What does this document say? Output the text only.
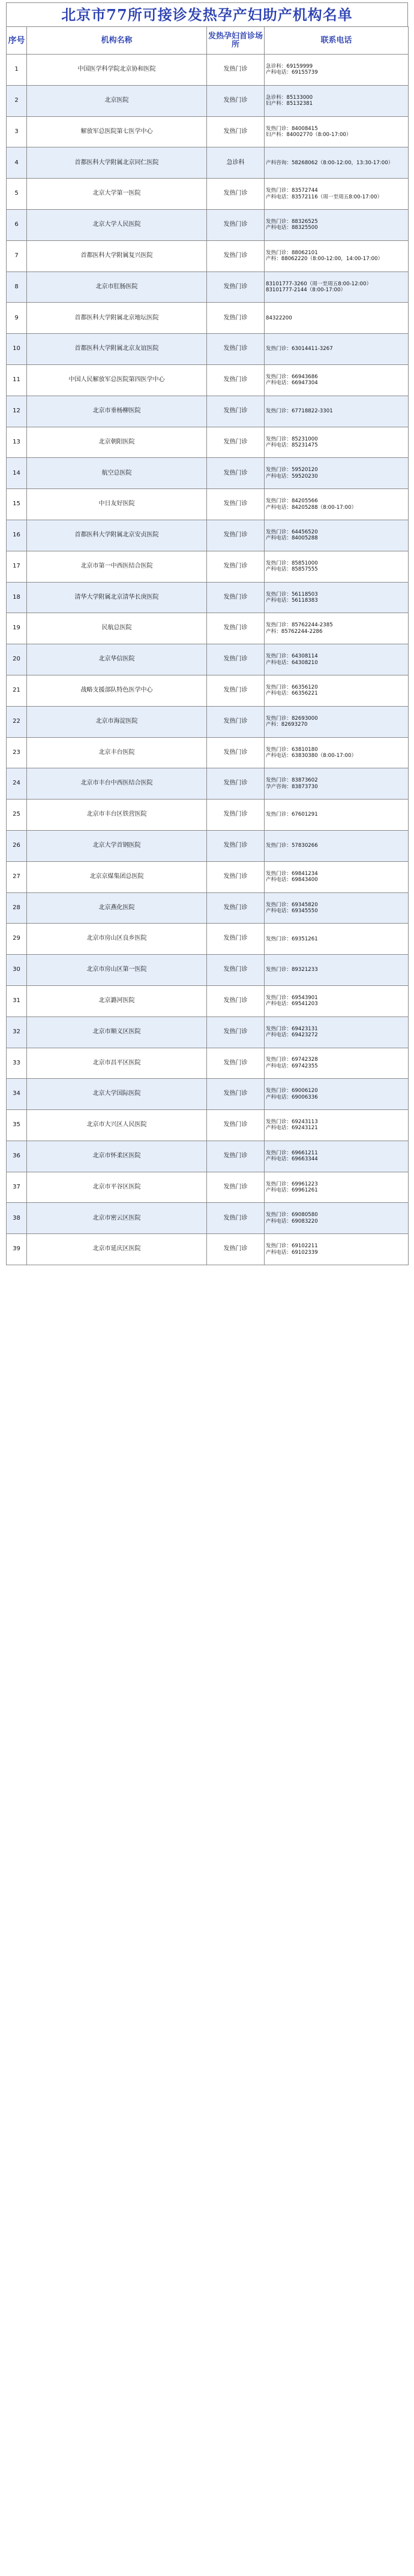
北京市77所可接诊发热孕产妇助产机构名单
序号	机构名称	发热孕妇首诊场所	联系电话
1	中国医学科学院北京协和医院	发热门诊	急诊科：69159999
产科电话：69155739
2	北京医院	发热门诊	急诊科：85133000
妇产科：85132381
3	解放军总医院第七医学中心	发热门诊	发热门诊：84008415
妇产科：84002770（8:00-17:00）
4	首都医科大学附属北京同仁医院	急诊科	产科咨询：58268062（8:00-12:00，13:30-17:00）
5	北京大学第一医院	发热门诊	发热门诊：83572744
产科电话：83572116（周一至周五8:00-17:00）
6	北京大学人民医院	发热门诊	发热门诊：88326525
产科电话：88325500
7	首都医科大学附属复兴医院	发热门诊	发热门诊：88062101
产科：88062220（8:00-12:00，14:00-17:00）
8	北京市肛肠医院	发热门诊	83101777-3260（周一至周五8:00-12:00）
83101777-2144（8:00-17:00）
9	首都医科大学附属北京地坛医院	发热门诊	84322200
10	首都医科大学附属北京友谊医院	发热门诊	发热门诊：63014411-3267
11	中国人民解放军总医院第四医学中心	发热门诊	发热门诊：66943686
产科电话：66947304
12	北京市垂杨柳医院	发热门诊	发热门诊：67718822-3301
13	北京朝阳医院	发热门诊	发热门诊：85231000
产科电话：85231475
14	航空总医院	发热门诊	发热门诊：59520120
产科电话：59520230
15	中日友好医院	发热门诊	发热门诊：84205566
产科电话：84205288（8:00-17:00）
16	首都医科大学附属北京安贞医院	发热门诊	发热门诊：64456520
产科电话：84005288
17	北京市第一中西医结合医院	发热门诊	发热门诊：85851000
产科电话：85857555
18	清华大学附属北京清华长庚医院	发热门诊	发热门诊：56118503
产科电话：56118383
19	民航总医院	发热门诊	发热门诊：85762244-2385
产科：85762244-2286
20	北京华信医院	发热门诊	发热门诊：64308114
产科电话：64308210
21	战略支援部队特色医学中心	发热门诊	发热门诊：66356120
产科电话：66356221
22	北京市海淀医院	发热门诊	发热门诊：82693000
产科：82693270
23	北京丰台医院	发热门诊	发热门诊：63810180
产科电话：63830380（8:00-17:00）
24	北京市丰台中西医结合医院	发热门诊	发热门诊：83873602
孕产咨询：83873730
25	北京市丰台区铁营医院	发热门诊	发热门诊：67601291
26	北京大学首钢医院	发热门诊	发热门诊：57830266
27	北京京煤集团总医院	发热门诊	发热门诊：69841234
产科电话：69843400
28	北京燕化医院	发热门诊	发热门诊：69345820
产科电话：69345550
29	北京市房山区良乡医院	发热门诊	发热门诊：69351261
30	北京市房山区第一医院	发热门诊	发热门诊：89321233
31	北京潞河医院	发热门诊	发热门诊：69543901
产科电话：69541203
32	北京市顺义区医院	发热门诊	发热门诊：69423131
产科电话：69423272
33	北京市昌平区医院	发热门诊	发热门诊：69742328
产科电话：69742355
34	北京大学国际医院	发热门诊	发热门诊：69006120
产科电话：69006336
35	北京市大兴区人民医院	发热门诊	发热门诊：69243113
产科电话：69243121
36	北京市怀柔区医院	发热门诊	发热门诊：69661211
产科电话：69663344
37	北京市平谷区医院	发热门诊	发热门诊：69961223
产科电话：69961261
38	北京市密云区医院	发热门诊	发热门诊：69080580
产科电话：69083220
39	北京市延庆区医院	发热门诊	发热门诊：69102211
产科电话：69102339
